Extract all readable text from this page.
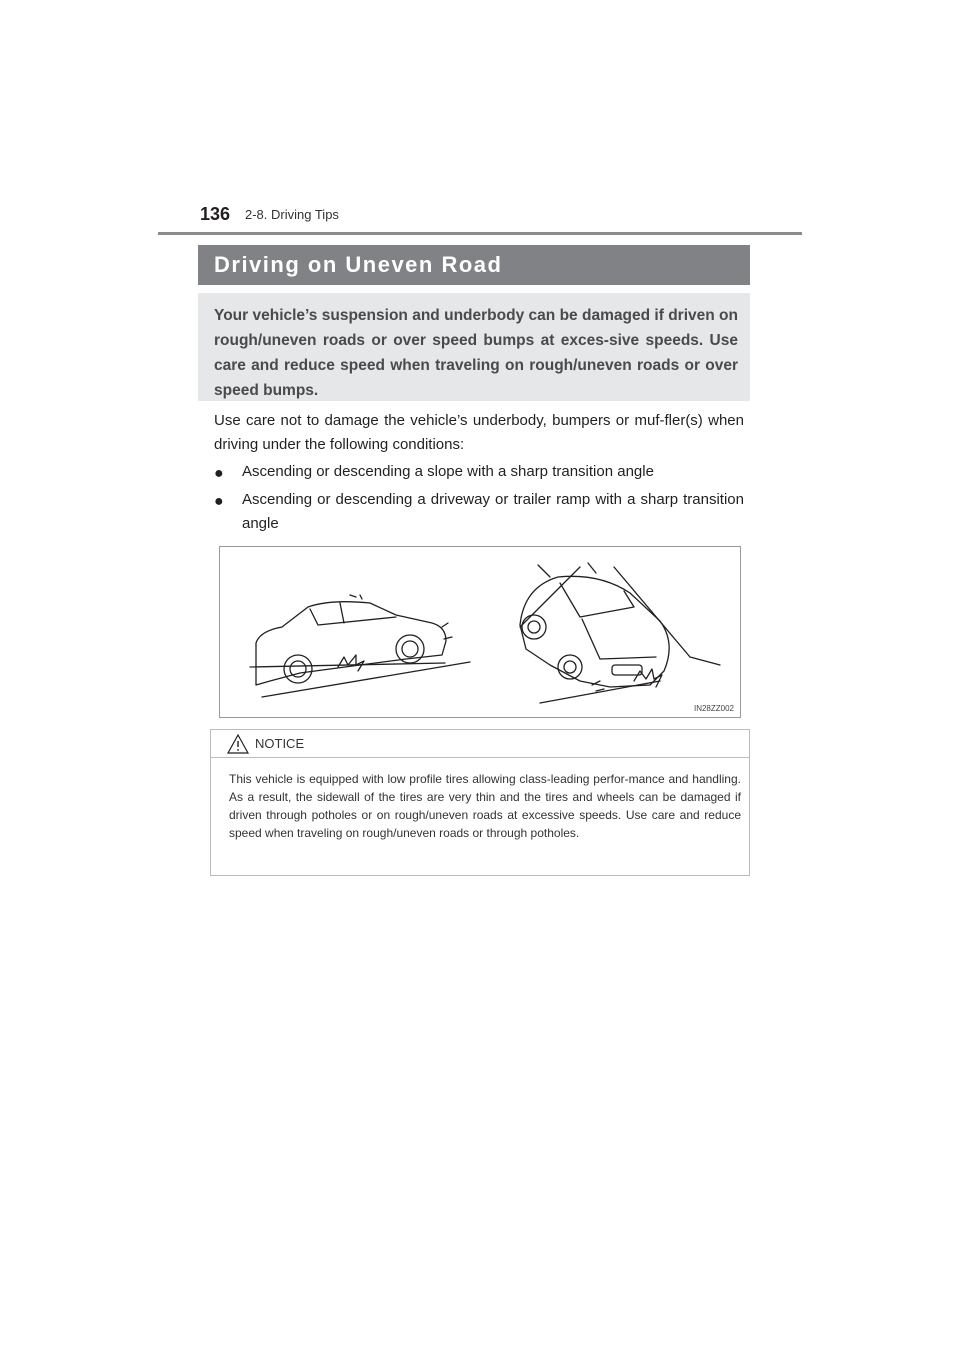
136 2-8. Driving Tips
Driving on Uneven Road
Your vehicle’s suspension and underbody can be damaged if driven on rough/uneven roads or over speed bumps at exces-sive speeds. Use care and reduce speed when traveling on rough/uneven roads or over speed bumps.
Use care not to damage the vehicle’s underbody, bumpers or muf-fler(s) when driving under the following conditions:
● Ascending or descending a slope with a sharp transition angle
● Ascending or descending a driveway or trailer ramp with a sharp transition angle
IN28ZZ002
NOTICE
This vehicle is equipped with low profile tires allowing class-leading perfor-mance and handling. As a result, the sidewall of the tires are very thin and the tires and wheels can be damaged if driven through potholes or on rough/uneven roads at excessive speeds. Use care and reduce speed when traveling on rough/uneven roads or through potholes.
